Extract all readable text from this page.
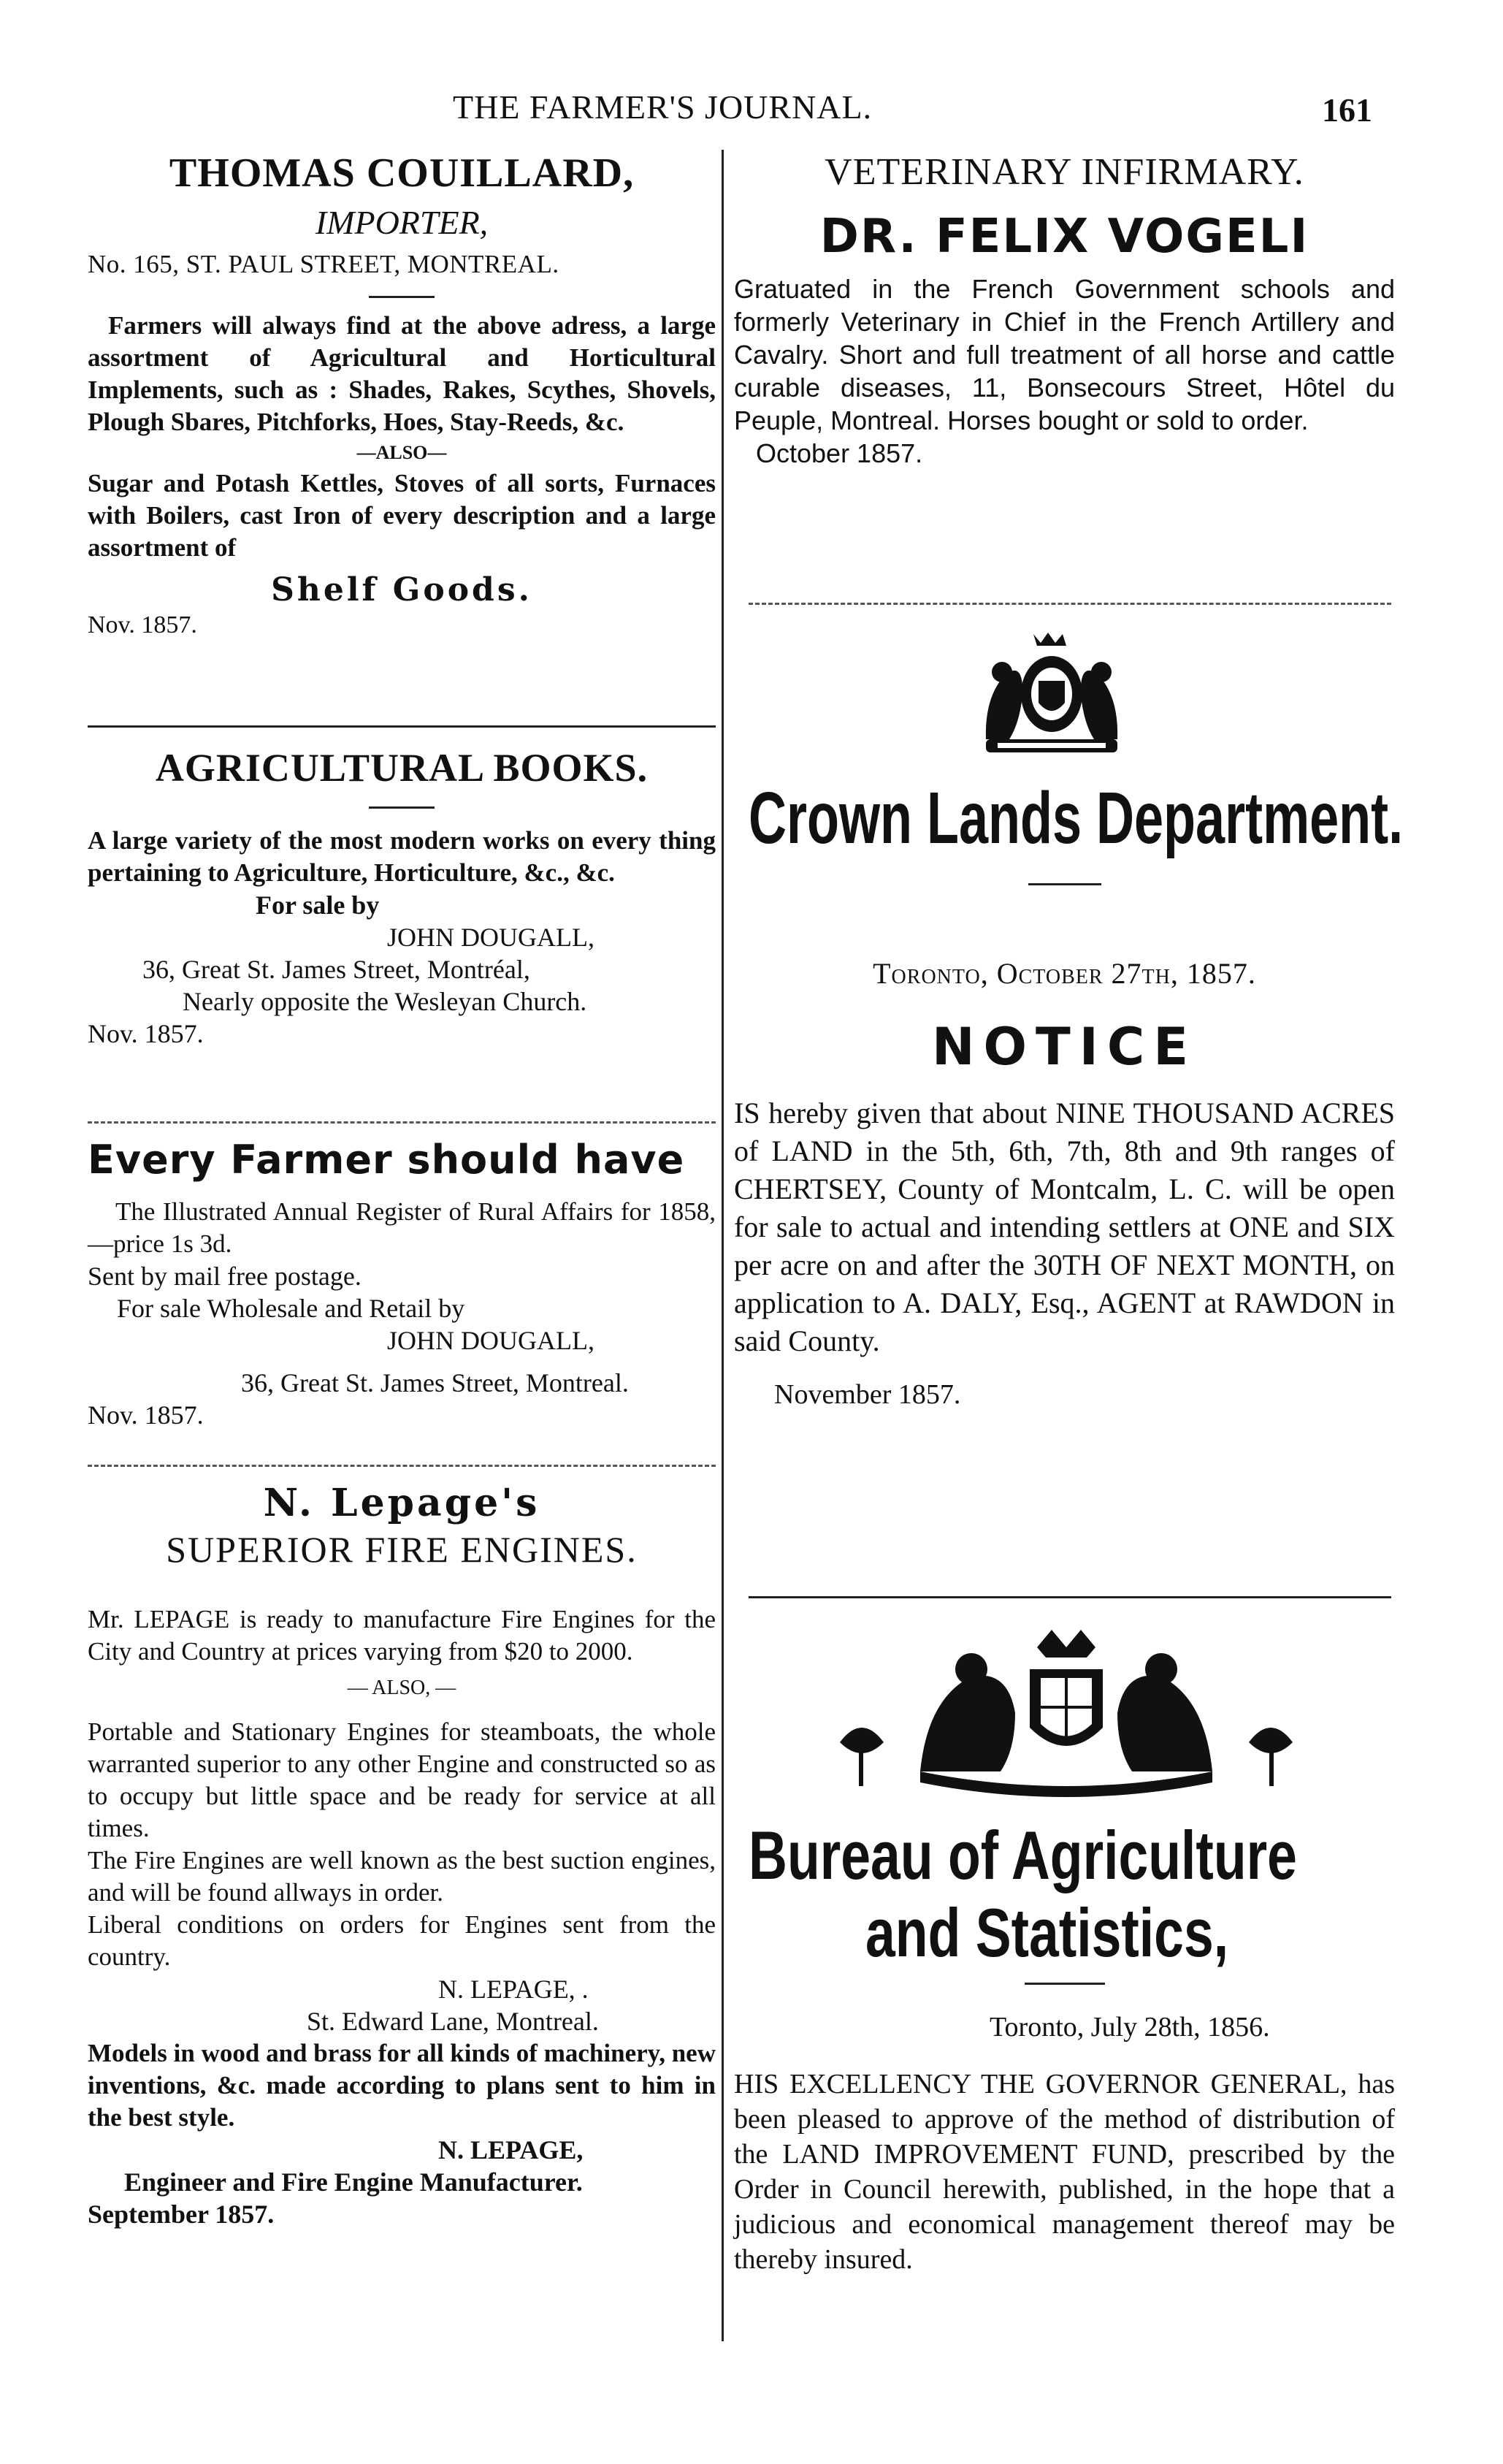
THE FARMER'S JOURNAL.	161
THOMAS COUILLARD,
IMPORTER,
No. 165, ST. PAUL STREET, MONTREAL.
Farmers will always find at the above adress, a large assortment of Agricultural and Horticultural Implements, such as : Shades, Rakes, Scythes, Shovels, Plough Sbares, Pitchforks, Hoes, Stay-Reeds, &c.
—ALSO—
Sugar and Potash Kettles, Stoves of all sorts, Furnaces with Boilers, cast Iron of every description and a large assortment of
Shelf Goods.
Nov. 1857.
AGRICULTURAL BOOKS.
A large variety of the most modern works on every thing pertaining to Agriculture, Horticulture, &c., &c.
For sale by
JOHN DOUGALL,
36, Great St. James Street, Montréal,
Nearly opposite the Wesleyan Church.
Nov. 1857.
Every Farmer should have
The Illustrated Annual Register of Rural Affairs for 1858,—price 1s 3d.
Sent by mail free postage.
For sale Wholesale and Retail by
JOHN DOUGALL,
36, Great St. James Street, Montreal.
Nov. 1857.
N. Lepage's
SUPERIOR FIRE ENGINES.
Mr. LEPAGE is ready to manufacture Fire Engines for the City and Country at prices varying from $20 to 2000.
— ALSO, —
Portable and Stationary Engines for steamboats, the whole warranted superior to any other Engine and constructed so as to occupy but little space and be ready for service at all times.
The Fire Engines are well known as the best suction engines, and will be found allways in order.
Liberal conditions on orders for Engines sent from the country.
N. LEPAGE, .
St. Edward Lane, Montreal.
Models in wood and brass for all kinds of machinery, new inventions, &c. made according to plans sent to him in the best style.
N. LEPAGE,
Engineer and Fire Engine Manufacturer.
September 1857.
VETERINARY INFIRMARY.
DR. FELIX VOGELI
Gratuated in the French Government schools and formerly Veterinary in Chief in the French Artillery and Cavalry. Short and full treatment of all horse and cattle curable diseases, 11, Bonsecours Street, Hôtel du Peuple, Montreal. Horses bought or sold to order.
October 1857.
Crown Lands Department.
Toronto, October 27th, 1857.
NOTICE
IS hereby given that about NINE THOUSAND ACRES of LAND in the 5th, 6th, 7th, 8th and 9th ranges of CHERTSEY, County of Montcalm, L. C. will be open for sale to actual and intending settlers at ONE and SIX per acre on and after the 30TH OF NEXT MONTH, on application to A. DALY, Esq., AGENT at RAWDON in said County.
November 1857.
Bureau of Agriculture
and Statistics,
Toronto, July 28th, 1856.
HIS EXCELLENCY THE GOVERNOR GENERAL, has been pleased to approve of the method of distribution of the LAND IMPROVEMENT FUND, prescribed by the Order in Council herewith, published, in the hope that a judicious and economical management thereof may be thereby insured.
